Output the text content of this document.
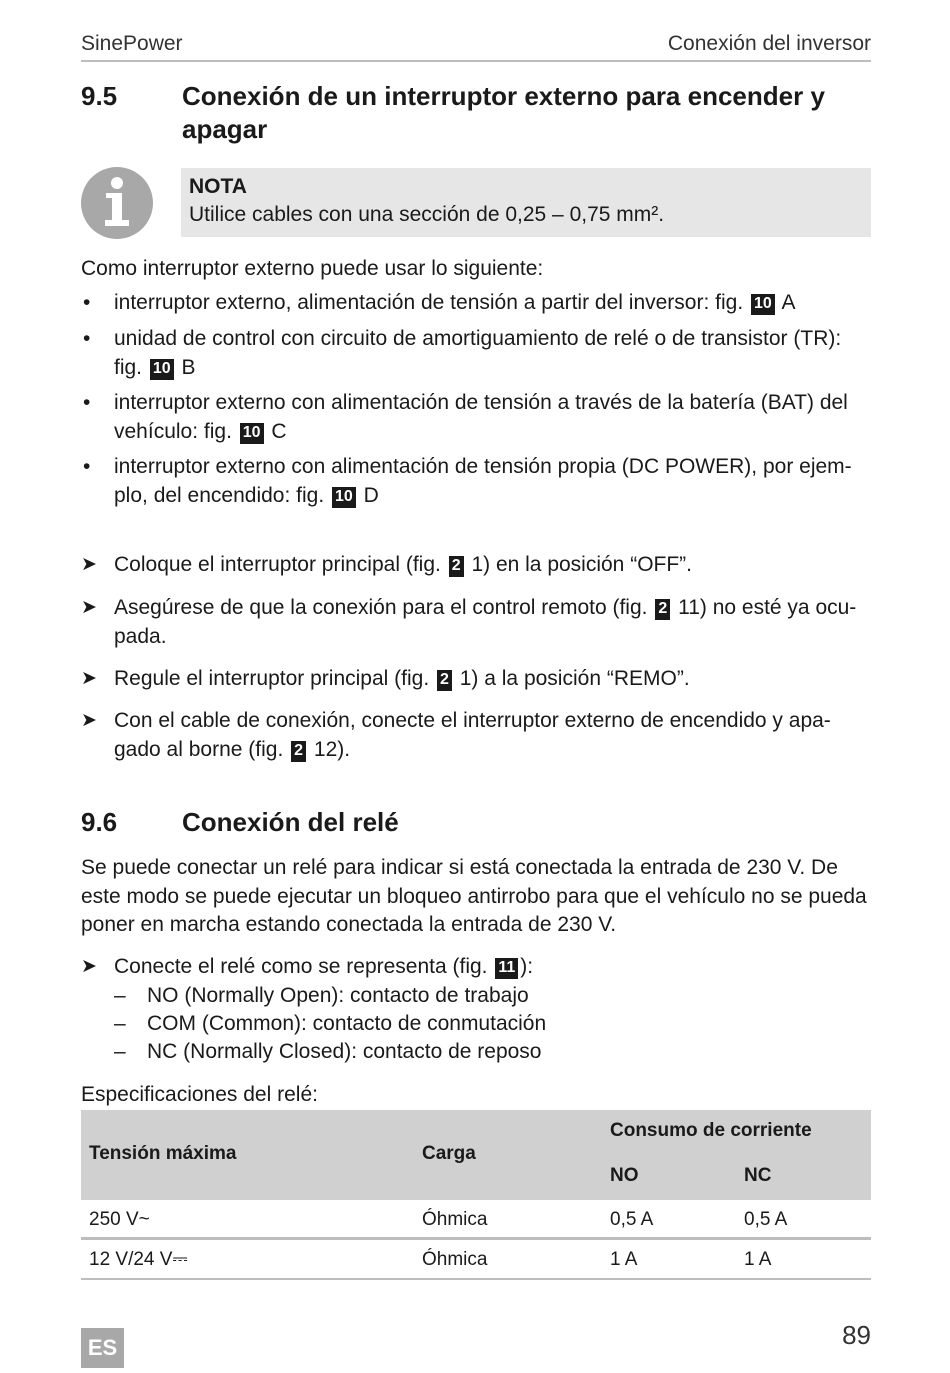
SinePower	Conexión del inversor
9.5 Conexión de un interruptor externo para encender y apagar
NOTA
Utilice cables con una sección de 0,25 – 0,75 mm².
Como interruptor externo puede usar lo siguiente:
• interruptor externo, alimentación de tensión a partir del inversor: fig. 10 A
• unidad de control con circuito de amortiguamiento de relé o de transistor (TR): fig. 10 B
• interruptor externo con alimentación de tensión a través de la batería (BAT) del vehículo: fig. 10 C
• interruptor externo con alimentación de tensión propia (DC POWER), por ejem-plo, del encendido: fig. 10 D
➤ Coloque el interruptor principal (fig. 2 1) en la posición “OFF”.
➤ Asegúrese de que la conexión para el control remoto (fig. 2 11) no esté ya ocu-pada.
➤ Regule el interruptor principal (fig. 2 1) a la posición “REMO”.
➤ Con el cable de conexión, conecte el interruptor externo de encendido y apa-gado al borne (fig. 2 12).
9.6 Conexión del relé
Se puede conectar un relé para indicar si está conectada la entrada de 230 V. De este modo se puede ejecutar un bloqueo antirrobo para que el vehículo no se pueda poner en marcha estando conectada la entrada de 230 V.
➤ Conecte el relé como se representa (fig. 11 ):
– NO (Normally Open): contacto de trabajo
– COM (Common): contacto de conmutación
– NC (Normally Closed): contacto de reposo
Especificaciones del relé:
Tensión máxima	Carga
Consumo de corriente
NO	NC
250 V~	Óhmica	0,5 A	0,5 A
12 V/24 V⎓	Óhmica	1 A	1 A
89
ES
